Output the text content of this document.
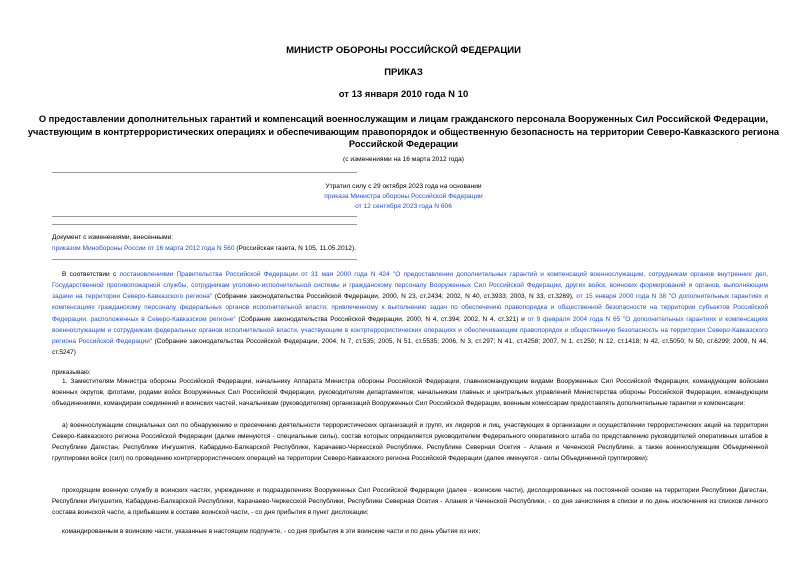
МИНИСТР ОБОРОНЫ РОССИЙСКОЙ ФЕДЕРАЦИИ
ПРИКАЗ
от 13 января 2010 года N 10
О предоставлении дополнительных гарантий и компенсаций военнослужащим и лицам гражданского персонала Вооруженных Сил Российской Федерации, участвующим в контртеррористических операциях и обеспечивающим правопорядок и общественную безопасность на территории Северо-Кавказского региона Российской Федерации
(с изменениями на 16 марта 2012 года)
Утратил силу с 29 октября 2023 года на основании
приказа Министра обороны Российской Федерации
от 12 сентября 2023 года N 606
Документ с изменениями, внесенными:
приказом Минобороны России от 16 марта 2012 года N 560 (Российская газета, N 105, 11.05.2012).
В соответствии с постановлениями Правительства Российской Федерации от 31 мая 2000 года N 424 "О предоставлении дополнительных гарантий и компенсаций военнослужащим, сотрудникам органов внутренних дел, Государственной противопожарной службы, сотрудникам уголовно-исполнительной системы и гражданскому персоналу Вооруженных Сил Российской Федерации, других войск, воинских формирований и органов, выполняющим задачи на территории Северо-Кавказского региона" (Собрание законодательства Российской Федерации, 2000, N 23, ст.2434; 2002, N 40, ст.3933; 2003, N 33, ст.3269), от 15 января 2000 года N 38 "О дополнительных гарантиях и компенсациях гражданскому персоналу федеральных органов исполнительной власти, привлеченному к выполнению задач по обеспечению правопорядка и общественной безопасности на территории субъектов Российской Федерации, расположенных в Северо-Кавказском регионе" (Собрание законодательства Российской Федерации, 2000, N 4, ст.394; 2002, N 4, ст.321) и от 9 февраля 2004 года N 65 "О дополнительных гарантиях и компенсациях военнослужащим и сотрудникам федеральных органов исполнительной власти, участвующим в контртеррористических операциях и обеспечивающим правопорядок и общественную безопасность на территории Северо-Кавказского региона Российской Федерации" (Собрание законодательства Российской Федерации, 2004, N 7, ст.535; 2005, N 51, ст.5535; 2006, N 3, ст.297; N 41, ст.4258; 2007, N 1, ст.250; N 12, ст.1418; N 42, ст.5050; N 50, ст.6299; 2009, N 44, ст.5247)
приказываю:
1. Заместителям Министра обороны Российской Федерации, начальнику Аппарата Министра обороны Российской Федерации, главнокомандующим видами Вооруженных Сил Российской Федерации, командующим войсками военных округов, флотами, родами войск Вооруженных Сил Российской Федерации, руководителям департаментов, начальникам главных и центральных управлений Министерства обороны Российской Федерации, командующим объединениями, командирам соединений и воинских частей, начальникам (руководителям) организаций Вооруженных Сил Российской Федерации, военным комиссарам предоставлять дополнительные гарантии и компенсации:
а) военнослужащим специальных сил по обнаружению и пресечению деятельности террористических организаций и групп, их лидеров и лиц, участвующих в организации и осуществлении террористических акций на территории Северо-Кавказского региона Российской Федерации (далее именуются - специальные силы), состав которых определяется руководителем Федерального оперативного штаба по представлению руководителей оперативных штабов в Республике Дагестан, Республике Ингушетия, Кабардино-Балкарской Республике, Карачаево-Черкесской Республике, Республике Северная Осетия - Алания и Чеченской Республике, а также военнослужащим Объединенной группировки войск (сил) по проведению контртеррористических операций на территории Северо-Кавказского региона Российской Федерации (далее именуется - силы Объединенной группировки):
проходящим военную службу в воинских частях, учреждениях и подразделениях Вооруженных Сил Российской Федерации (далее - воинские части), дислоцированных на постоянной основе на территории Республики Дагестан, Республики Ингушетия, Кабардино-Балкарской Республики, Карачаево-Черкесской Республики, Республики Северная Осетия - Алания и Чеченской Республики, - со дня зачисления в списки и по день исключения из списков личного состава воинской части, а прибывшим в составе воинской части, - со дня прибытия в пункт дислокации;
командированным в воинские части, указанные в настоящем подпункте, - со дня прибытия в эти воинские части и по день убытия из них;
